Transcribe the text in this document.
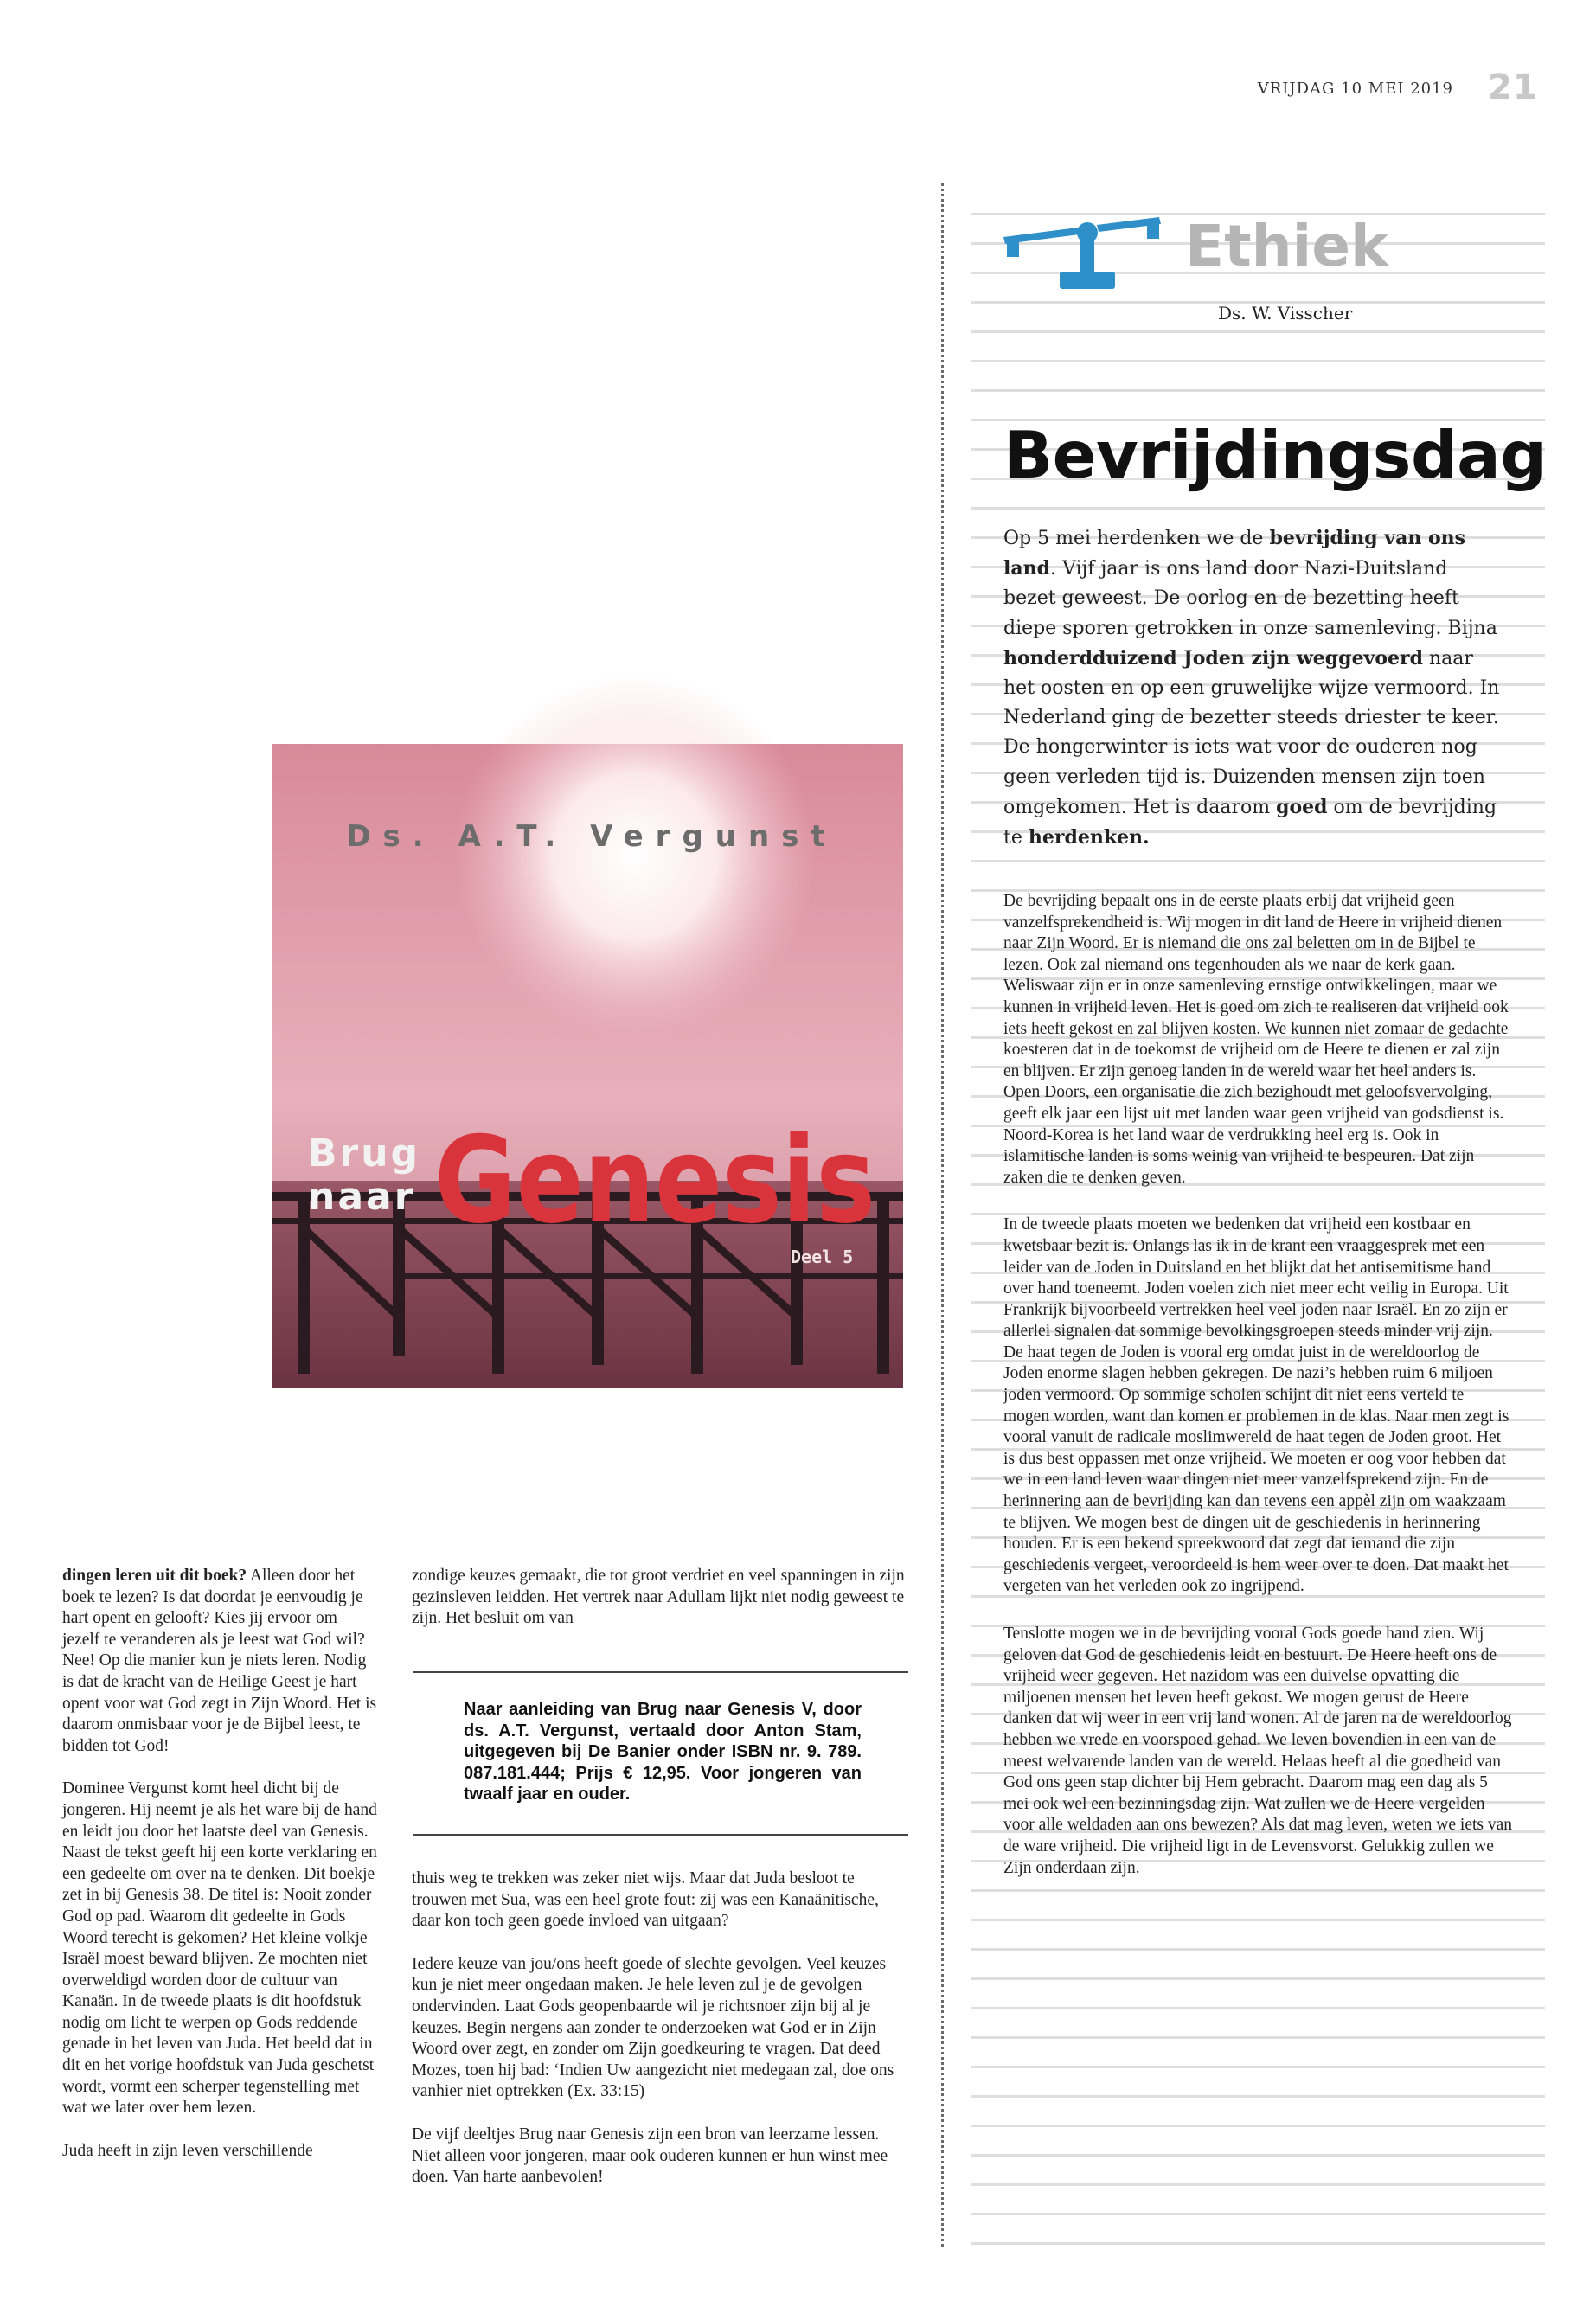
VRIJDAG 10 MEI 2019 21
Ethiek
Ds. W. Visscher
Bevrijdingsdag

Op 5 mei herdenken we de bevrijding van ons land. Vijf jaar is ons land door Nazi-Duitsland bezet geweest. De oorlog en de bezetting heeft diepe sporen getrokken in onze samenleving. Bijna honderdduizend Joden zijn weggevoerd naar het oosten en op een gruwelijke wijze vermoord. In Nederland ging de bezetter steeds driester te keer. De hongerwinter is iets wat voor de ouderen nog geen verleden tijd is. Duizenden mensen zijn toen omgekomen. Het is daarom goed om de bevrijding te herdenken.

De bevrijding bepaalt ons in de eerste plaats erbij dat vrijheid geen vanzelfsprekendheid is. Wij mogen in dit land de Heere in vrijheid dienen naar Zijn Woord. Er is niemand die ons zal beletten om in de Bijbel te lezen. Ook zal niemand ons tegenhouden als we naar de kerk gaan. Weliswaar zijn er in onze samenleving ernstige ontwikkelingen, maar we kunnen in vrijheid leven. Het is goed om zich te realiseren dat vrijheid ook iets heeft gekost en zal blijven kosten. We kunnen niet zomaar de gedachte koesteren dat in de toekomst de vrijheid om de Heere te dienen er zal zijn en blijven. Er zijn genoeg landen in de wereld waar het heel anders is. Open Doors, een organisatie die zich bezighoudt met geloofsvervolging, geeft elk jaar een lijst uit met landen waar geen vrijheid van godsdienst is. Noord-Korea is het land waar de verdrukking heel erg is. Ook in islamitische landen is soms weinig van vrijheid te bespeuren. Dat zijn zaken die te denken geven.

In de tweede plaats moeten we bedenken dat vrijheid een kostbaar en kwetsbaar bezit is. Onlangs las ik in de krant een vraaggesprek met een leider van de Joden in Duitsland en het blijkt dat het antisemitisme hand over hand toeneemt. Joden voelen zich niet meer echt veilig in Europa. Uit Frankrijk bijvoorbeeld vertrekken heel veel joden naar Israël. En zo zijn er allerlei signalen dat sommige bevolkingsgroepen steeds minder vrij zijn. De haat tegen de Joden is vooral erg omdat juist in de wereldoorlog de Joden enorme slagen hebben gekregen. De nazi’s hebben ruim 6 miljoen joden vermoord. Op sommige scholen schijnt dit niet eens verteld te mogen worden, want dan komen er problemen in de klas. Naar men zegt is vooral vanuit de radicale moslimwereld de haat tegen de Joden groot. Het is dus best oppassen met onze vrijheid. We moeten er oog voor hebben dat we in een land leven waar dingen niet meer vanzelfsprekend zijn. En de herinnering aan de bevrijding kan dan tevens een appèl zijn om waakzaam te blijven. We mogen best de dingen uit de geschiedenis in herinnering houden. Er is een bekend spreekwoord dat zegt dat iemand die zijn geschiedenis vergeet, veroordeeld is hem weer over te doen. Dat maakt het vergeten van het verleden ook zo ingrijpend.

Tenslotte mogen we in de bevrijding vooral Gods goede hand zien. Wij geloven dat God de geschiedenis leidt en bestuurt. De Heere heeft ons de vrijheid weer gegeven. Het nazidom was een duivelse opvatting die miljoenen mensen het leven heeft gekost. We mogen gerust de Heere danken dat wij weer in een vrij land wonen. Al de jaren na de wereldoorlog hebben we vrede en voorspoed gehad. We leven bovendien in een van de meest welvarende landen van de wereld. Helaas heeft al die goedheid van God ons geen stap dichter bij Hem gebracht. Daarom mag een dag als 5 mei ook wel een bezinningsdag zijn. Wat zullen we de Heere vergelden voor alle weldaden aan ons bewezen? Als dat mag leven, weten we iets van de ware vrijheid. Die vrijheid ligt in de Levensvorst. Gelukkig zullen we Zijn onderdaan zijn.

Ds. A.T. Vergunst
Brug
naar Genesis
Deel 5

dingen leren uit dit boek? Alleen door het boek te lezen? Is dat doordat je eenvoudig je hart opent en gelooft? Kies jij ervoor om jezelf te veranderen als je leest wat God wil? Nee! Op die manier kun je niets leren. Nodig is dat de kracht van de Heilige Geest je hart opent voor wat God zegt in Zijn Woord. Het is daarom onmisbaar voor je de Bijbel leest, te bidden tot God!

Dominee Vergunst komt heel dicht bij de jongeren. Hij neemt je als het ware bij de hand en leidt jou door het laatste deel van Genesis. Naast de tekst geeft hij een korte verklaring en een gedeelte om over na te denken. Dit boekje zet in bij Genesis 38. De titel is: Nooit zonder God op pad. Waarom dit gedeelte in Gods Woord terecht is gekomen? Het kleine volkje Israël moest beward blijven. Ze mochten niet overweldigd worden door de cultuur van Kanaän. In de tweede plaats is dit hoofdstuk nodig om licht te werpen op Gods reddende genade in het leven van Juda. Het beeld dat in dit en het vorige hoofdstuk van Juda geschetst wordt, vormt een scherper tegenstelling met wat we later over hem lezen.

Juda heeft in zijn leven verschillende

zondige keuzes gemaakt, die tot groot verdriet en veel spanningen in zijn gezinsleven leidden. Het vertrek naar Adullam lijkt niet nodig geweest te zijn. Het besluit om van

Naar aanleiding van Brug naar Genesis V, door ds. A.T. Vergunst, vertaald door Anton Stam, uitgegeven bij De Banier onder ISBN nr. 9. 789. 087.181.444; Prijs € 12,95. Voor jongeren van twaalf jaar en ouder.

thuis weg te trekken was zeker niet wijs. Maar dat Juda besloot te trouwen met Sua, was een heel grote fout: zij was een Kanaänitische, daar kon toch geen goede invloed van uitgaan?

Iedere keuze van jou/ons heeft goede of slechte gevolgen. Veel keuzes kun je niet meer ongedaan maken. Je hele leven zul je de gevolgen ondervinden. Laat Gods geopenbaarde wil je richtsnoer zijn bij al je keuzes. Begin nergens aan zonder te onderzoeken wat God er in Zijn Woord over zegt, en zonder om Zijn goedkeuring te vragen. Dat deed Mozes, toen hij bad: ‘Indien Uw aangezicht niet medegaan zal, doe ons vanhier niet optrekken (Ex. 33:15)

De vijf deeltjes Brug naar Genesis zijn een bron van leerzame lessen. Niet alleen voor jongeren, maar ook ouderen kunnen er hun winst mee doen. Van harte aanbevolen!
